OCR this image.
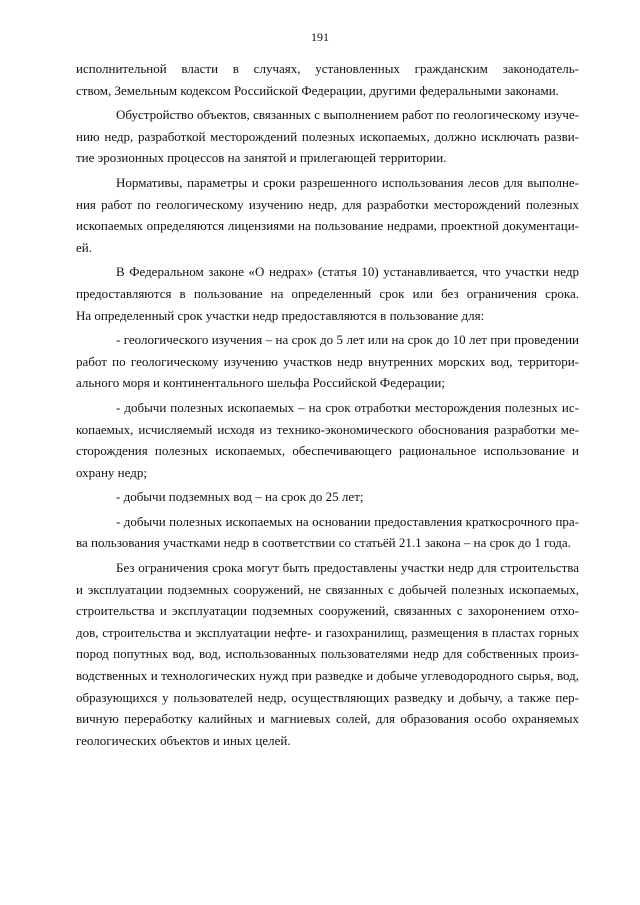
191
исполнительной власти в случаях, установленных гражданским законодатель-
ством, Земельным кодексом Российской Федерации, другими федеральными законами.
Обустройство объектов, связанных с выполнением работ по геологическому изуче-
нию недр, разработкой месторождений полезных ископаемых, должно исключать разви-
тие эрозионных процессов на занятой и прилегающей территории.
Нормативы, параметры и сроки разрешенного использования лесов для выполне-
ния работ по геологическому изучению недр, для разработки месторождений полезных
ископаемых определяются лицензиями на пользование недрами, проектной документаци-
ей.
В Федеральном законе «О недрах» (статья 10) устанавливается, что участки недр
предоставляются в пользование на определенный срок или без ограничения срока.
На определенный срок участки недр предоставляются в пользование для:
- геологического изучения – на срок до 5 лет или на срок до 10 лет при проведении
работ по геологическому изучению участков недр внутренних морских вод, территори-
ального моря и континентального шельфа Российской Федерации;
- добычи полезных ископаемых – на срок отработки месторождения полезных ис-
копаемых, исчисляемый исходя из технико-экономического обоснования разработки ме-
сторождения полезных ископаемых, обеспечивающего рациональное использование и
охрану недр;
- добычи подземных вод – на срок до 25 лет;
- добычи полезных ископаемых на основании предоставления краткосрочного пра-
ва пользования участками недр в соответствии со статьёй 21.1 закона – на срок до 1 года.
Без ограничения срока могут быть предоставлены участки недр для строительства
и эксплуатации подземных сооружений, не связанных с добычей полезных ископаемых,
строительства и эксплуатации подземных сооружений, связанных с захоронением отхо-
дов, строительства и эксплуатации нефте- и газохранилищ, размещения в пластах горных
пород попутных вод, вод, использованных пользователями недр для собственных произ-
водственных и технологических нужд при разведке и добыче углеводородного сырья, вод,
образующихся у пользователей недр, осуществляющих разведку и добычу, а также пер-
вичную переработку калийных и магниевых солей, для образования особо охраняемых
геологических объектов и иных целей.
